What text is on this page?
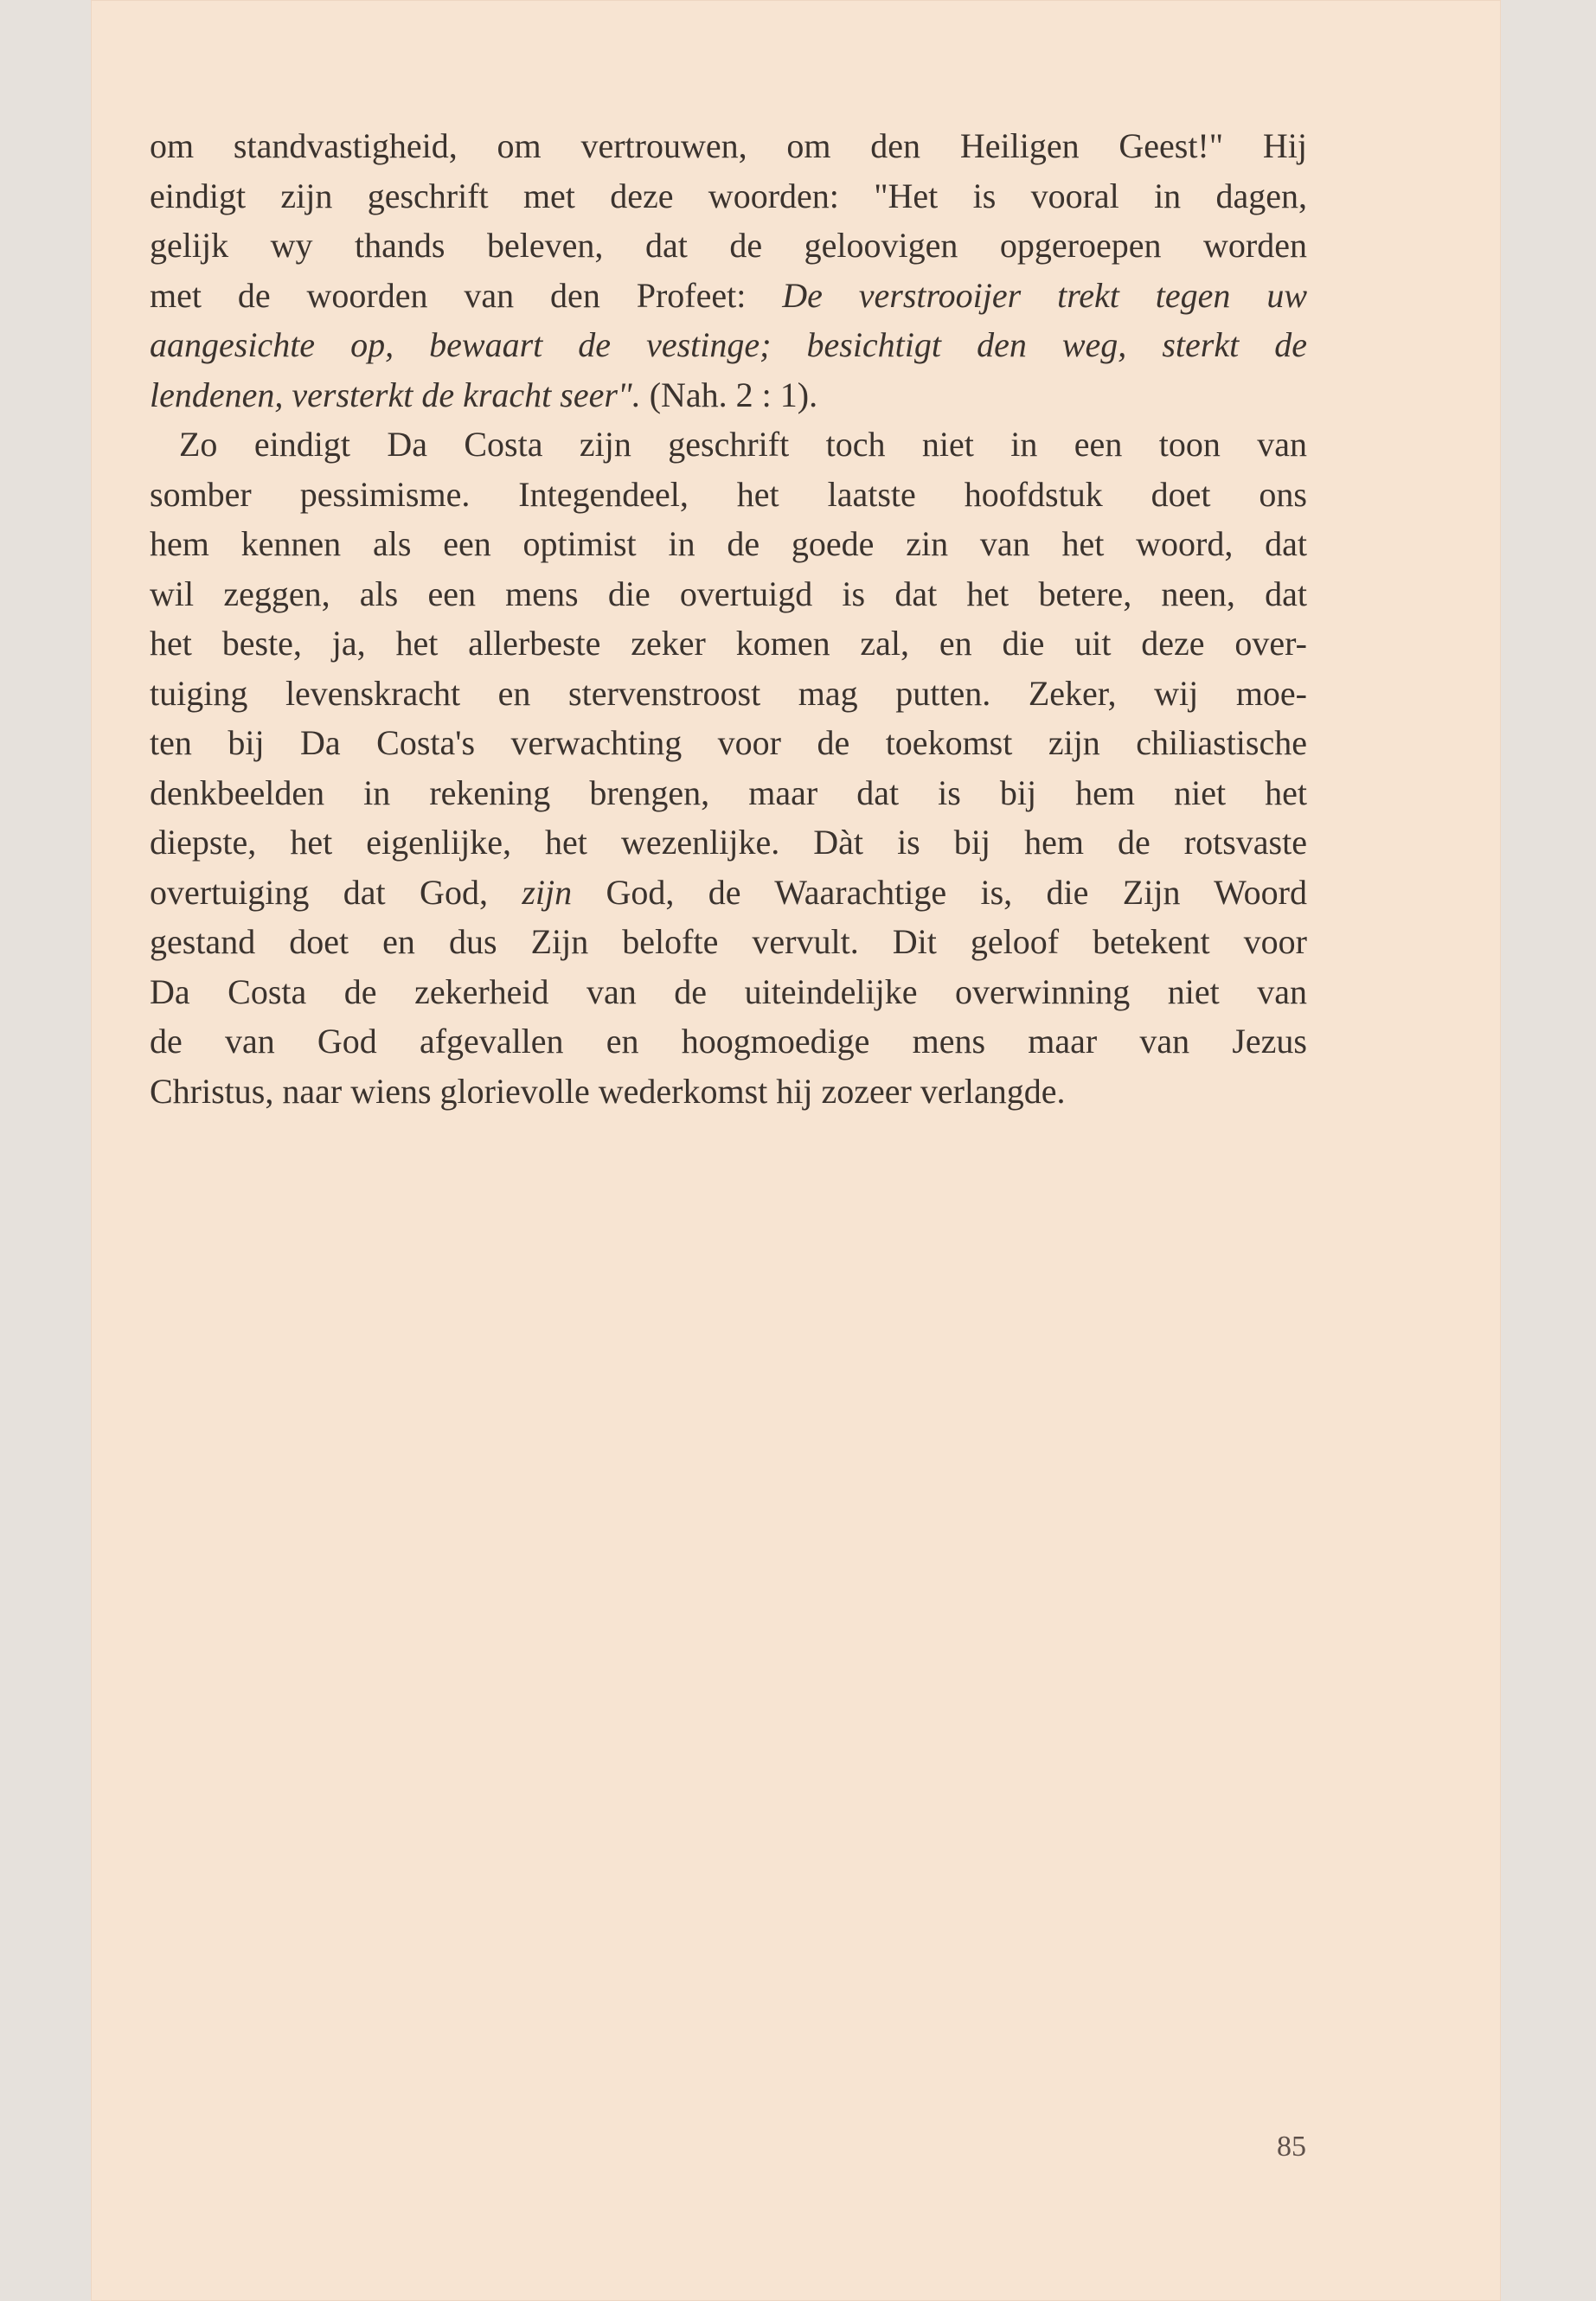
om standvastigheid, om vertrouwen, om den Heiligen Geest!" Hij
eindigt zijn geschrift met deze woorden: "Het is vooral in dagen,
gelijk wy thands beleven, dat de geloovigen opgeroepen worden
met de woorden van den Profeet: De verstrooijer trekt tegen uw
aangesichte op, bewaart de vestinge; besichtigt den weg, sterkt de
lendenen, versterkt de kracht seer". (Nah. 2 : 1).
Zo eindigt Da Costa zijn geschrift toch niet in een toon van
somber pessimisme. Integendeel, het laatste hoofdstuk doet ons
hem kennen als een optimist in de goede zin van het woord, dat
wil zeggen, als een mens die overtuigd is dat het betere, neen, dat
het beste, ja, het allerbeste zeker komen zal, en die uit deze over-
tuiging levenskracht en stervenstroost mag putten. Zeker, wij moe-
ten bij Da Costa's verwachting voor de toekomst zijn chiliastische
denkbeelden in rekening brengen, maar dat is bij hem niet het
diepste, het eigenlijke, het wezenlijke. Dàt is bij hem de rotsvaste
overtuiging dat God, zijn God, de Waarachtige is, die Zijn Woord
gestand doet en dus Zijn belofte vervult. Dit geloof betekent voor
Da Costa de zekerheid van de uiteindelijke overwinning niet van
de van God afgevallen en hoogmoedige mens maar van Jezus
Christus, naar wiens glorievolle wederkomst hij zozeer verlangde.
85
